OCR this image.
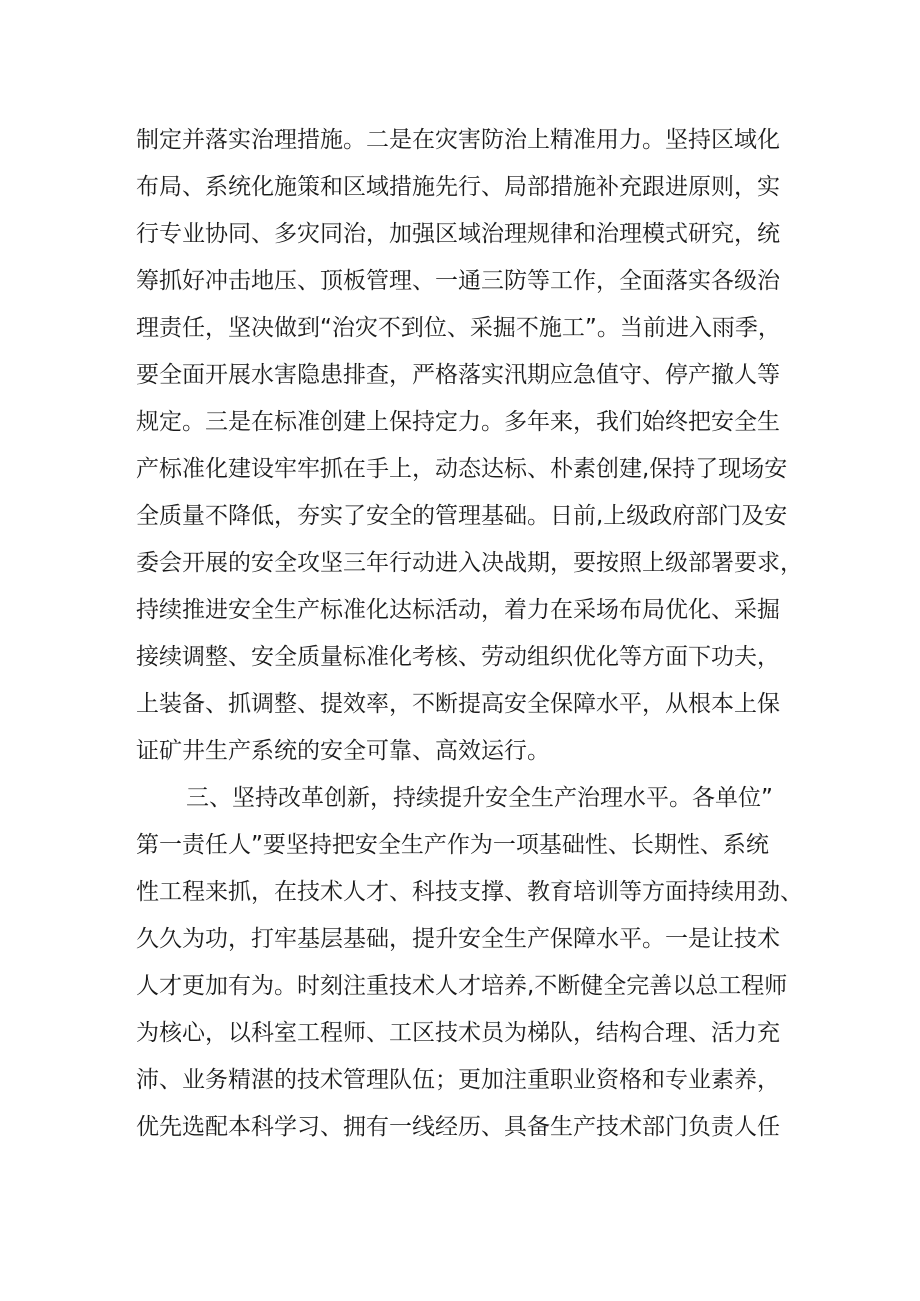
制定并落实治理措施。二是在灾害防治上精准用力。坚持区域化

布局、系统化施策和区域措施先行、局部措施补充跟进原则，实

行专业协同、多灾同治，加强区域治理规律和治理模式研究，统

筹抓好冲击地压、顶板管理、一通三防等工作，全面落实各级治

理责任，坚决做到“治灾不到位、采掘不施工”。当前进入雨季，

要全面开展水害隐患排查，严格落实汛期应急值守、停产撤人等

规定。三是在标准创建上保持定力。多年来，我们始终把安全生

产标准化建设牢牢抓在手上，动态达标、朴素创建,保持了现场安

全质量不降低，夯实了安全的管理基础。日前,上级政府部门及安

委会开展的安全攻坚三年行动进入决战期，要按照上级部署要求，

持续推进安全生产标准化达标活动，着力在采场布局优化、采掘

接续调整、安全质量标准化考核、劳动组织优化等方面下功夫，

上装备、抓调整、提效率，不断提高安全保障水平，从根本上保

证矿井生产系统的安全可靠、高效运行。

三、坚持改革创新，持续提升安全生产治理水平。各单位”

第一责任人”要坚持把安全生产作为一项基础性、长期性、系统

性工程来抓，在技术人才、科技支撑、教育培训等方面持续用劲、

久久为功，打牢基层基础，提升安全生产保障水平。一是让技术

人才更加有为。时刻注重技术人才培养,不断健全完善以总工程师

为核心，以科室工程师、工区技术员为梯队，结构合理、活力充

沛、业务精湛的技术管理队伍；更加注重职业资格和专业素养，

优先选配本科学习、拥有一线经历、具备生产技术部门负责人任
